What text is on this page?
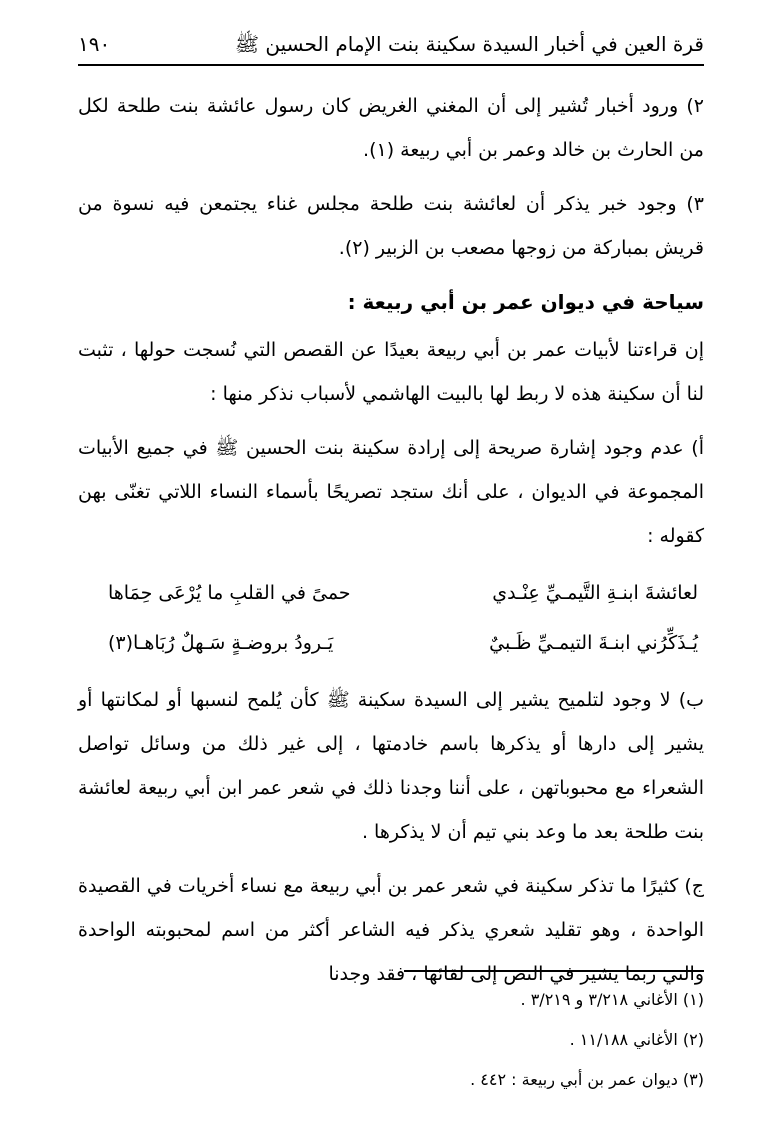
قرة العين في أخبار السيدة سكينة بنت الإمام الحسين ﷺ
١٩٠

٢) ورود أخبار تُشير إلى أن المغني الغريض كان رسول عائشة بنت طلحة لكل من الحارث بن خالد وعمر بن أبي ربيعة (١).

٣) وجود خبر يذكر أن لعائشة بنت طلحة مجلس غناء يجتمعن فيه نسوة من قريش بمباركة من زوجها مصعب بن الزبير (٢).

سياحة في ديوان عمر بن أبي ربيعة :

إن قراءتنا لأبيات عمر بن أبي ربيعة بعيدًا عن القصص التي نُسجت حولها ، تثبت لنا أن سكينة هذه لا ربط لها بالبيت الهاشمي لأسباب نذكر منها :

أ) عدم وجود إشارة صريحة إلى إرادة سكينة بنت الحسين ﷺ في جميع الأبيات المجموعة في الديوان ، على أنك ستجد تصريحًا بأسماء النساء اللاتي تغنّى بهن كقوله :

لعائشةَ ابنـةِ التَّيمـيِّ عِنْـدي
حمىً في القلبِ ما يُرْعَى حِمَاها
يُـذَكِّرُني ابنـةَ التيمـيِّ ظَـبيٌ
يَـرودُ بروضـةٍ سَـهلٌ رُبَاهـا(٣)

ب) لا وجود لتلميح يشير إلى السيدة سكينة ﷺ كأن يُلمح لنسبها أو لمكانتها أو يشير إلى دارها أو يذكرها باسم خادمتها ، إلى غير ذلك من وسائل تواصل الشعراء مع محبوباتهن ، على أننا وجدنا ذلك في شعر عمر ابن أبي ربيعة لعائشة بنت طلحة بعد ما وعد بني تيم أن لا يذكرها .

ج) كثيرًا ما تذكر سكينة في شعر عمر بن أبي ربيعة مع نساء أخريات في القصيدة الواحدة ، وهو تقليد شعري يذكر فيه الشاعر أكثر من اسم لمحبوبته الواحدة والتي ربما يشير في النص إلى لقائها ، فقد وجدنا

(١) الأغاني ٣/٢١٨ و ٣/٢١٩ .
(٢) الأغاني ١١/١٨٨ .
(٣) ديوان عمر بن أبي ربيعة : ٤٤٢ .
